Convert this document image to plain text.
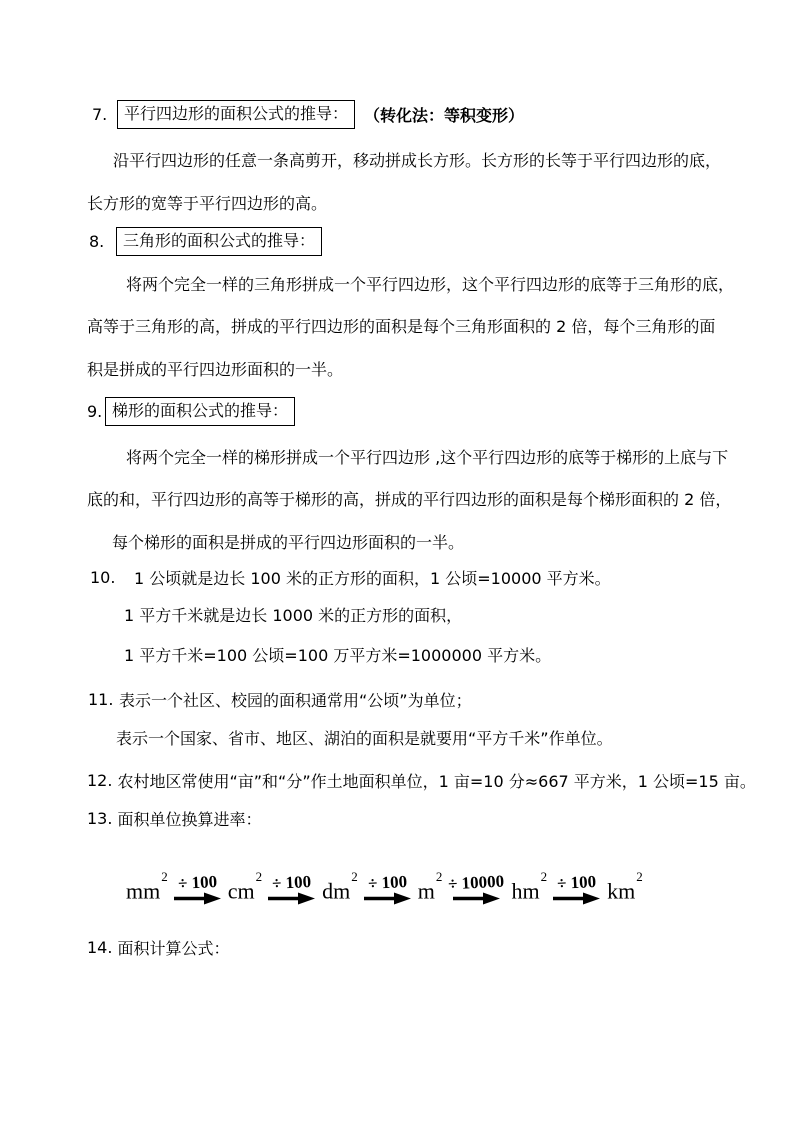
7.	平行四边形的面积公式的推导：	（转化法：等积变形）
沿平行四边形的任意一条高剪开，移动拼成长方形。长方形的长等于平行四边形的底，
长方形的宽等于平行四边形的高。
8.	三角形的面积公式的推导：
将两个完全一样的三角形拼成一个平行四边形，这个平行四边形的底等于三角形的底，
高等于三角形的高，拼成的平行四边形的面积是每个三角形面积的 2 倍，每个三角形的面
积是拼成的平行四边形面积的一半。
9. 梯形的面积公式的推导：
将两个完全一样的梯形拼成一个平行四边形 ,这个平行四边形的底等于梯形的上底与下
底的和，平行四边形的高等于梯形的高，拼成的平行四边形的面积是每个梯形面积的 2 倍，
每个梯形的面积是拼成的平行四边形面积的一半。
10.	1 公顷就是边长 100 米的正方形的面积，1 公顷=10000 平方米。
1 平方千米就是边长 1000 米的正方形的面积，
1 平方千米=100 公顷=100 万平方米=1000000 平方米。
11. 表示一个社区、校园的面积通常用“公顷”为单位；
表示一个国家、省市、地区、湖泊的面积是就要用“平方千米”作单位。
12. 农村地区常使用“亩”和“分”作土地面积单位，1 亩=10 分≈667 平方米，1 公顷=15 亩。
13. 面积单位换算进率：
$mm^2 \div 100$ $cm^2 \div 100$ $dm^2 \div 100$ $m^2 \div 10000$ $hm^2 \div 100$ $km^2$
14. 面积计算公式：
